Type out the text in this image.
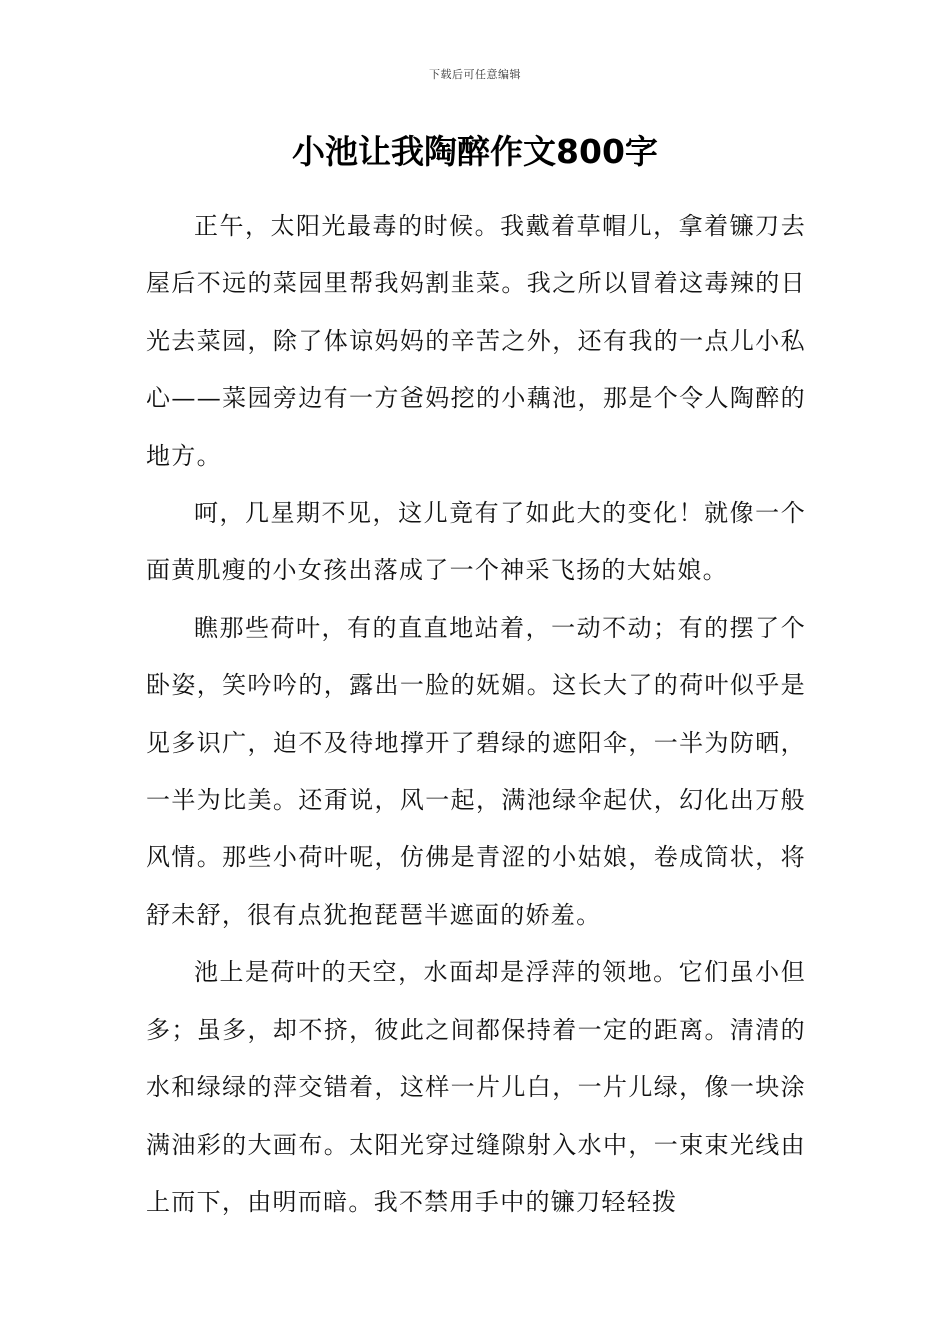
下载后可任意编辑
小池让我陶醉作文800字

正午，太阳光最毒的时候。我戴着草帽儿，拿着镰刀去屋后不远的菜园里帮我妈割韭菜。我之所以冒着这毒辣的日光去菜园，除了体谅妈妈的辛苦之外，还有我的一点儿小私心——菜园旁边有一方爸妈挖的小藕池，那是个令人陶醉的地方。

呵，几星期不见，这儿竟有了如此大的变化！就像一个面黄肌瘦的小女孩出落成了一个神采飞扬的大姑娘。

瞧那些荷叶，有的直直地站着，一动不动；有的摆了个卧姿，笑吟吟的，露出一脸的妩媚。这长大了的荷叶似乎是见多识广，迫不及待地撑开了碧绿的遮阳伞，一半为防晒，一半为比美。还甭说，风一起，满池绿伞起伏，幻化出万般风情。那些小荷叶呢，仿佛是青涩的小姑娘，卷成筒状，将舒未舒，很有点犹抱琵琶半遮面的娇羞。

池上是荷叶的天空，水面却是浮萍的领地。它们虽小但多；虽多，却不挤，彼此之间都保持着一定的距离。清清的水和绿绿的萍交错着，这样一片儿白，一片儿绿，像一块涂满油彩的大画布。太阳光穿过缝隙射入水中，一束束光线由上而下，由明而暗。我不禁用手中的镰刀轻轻拨
